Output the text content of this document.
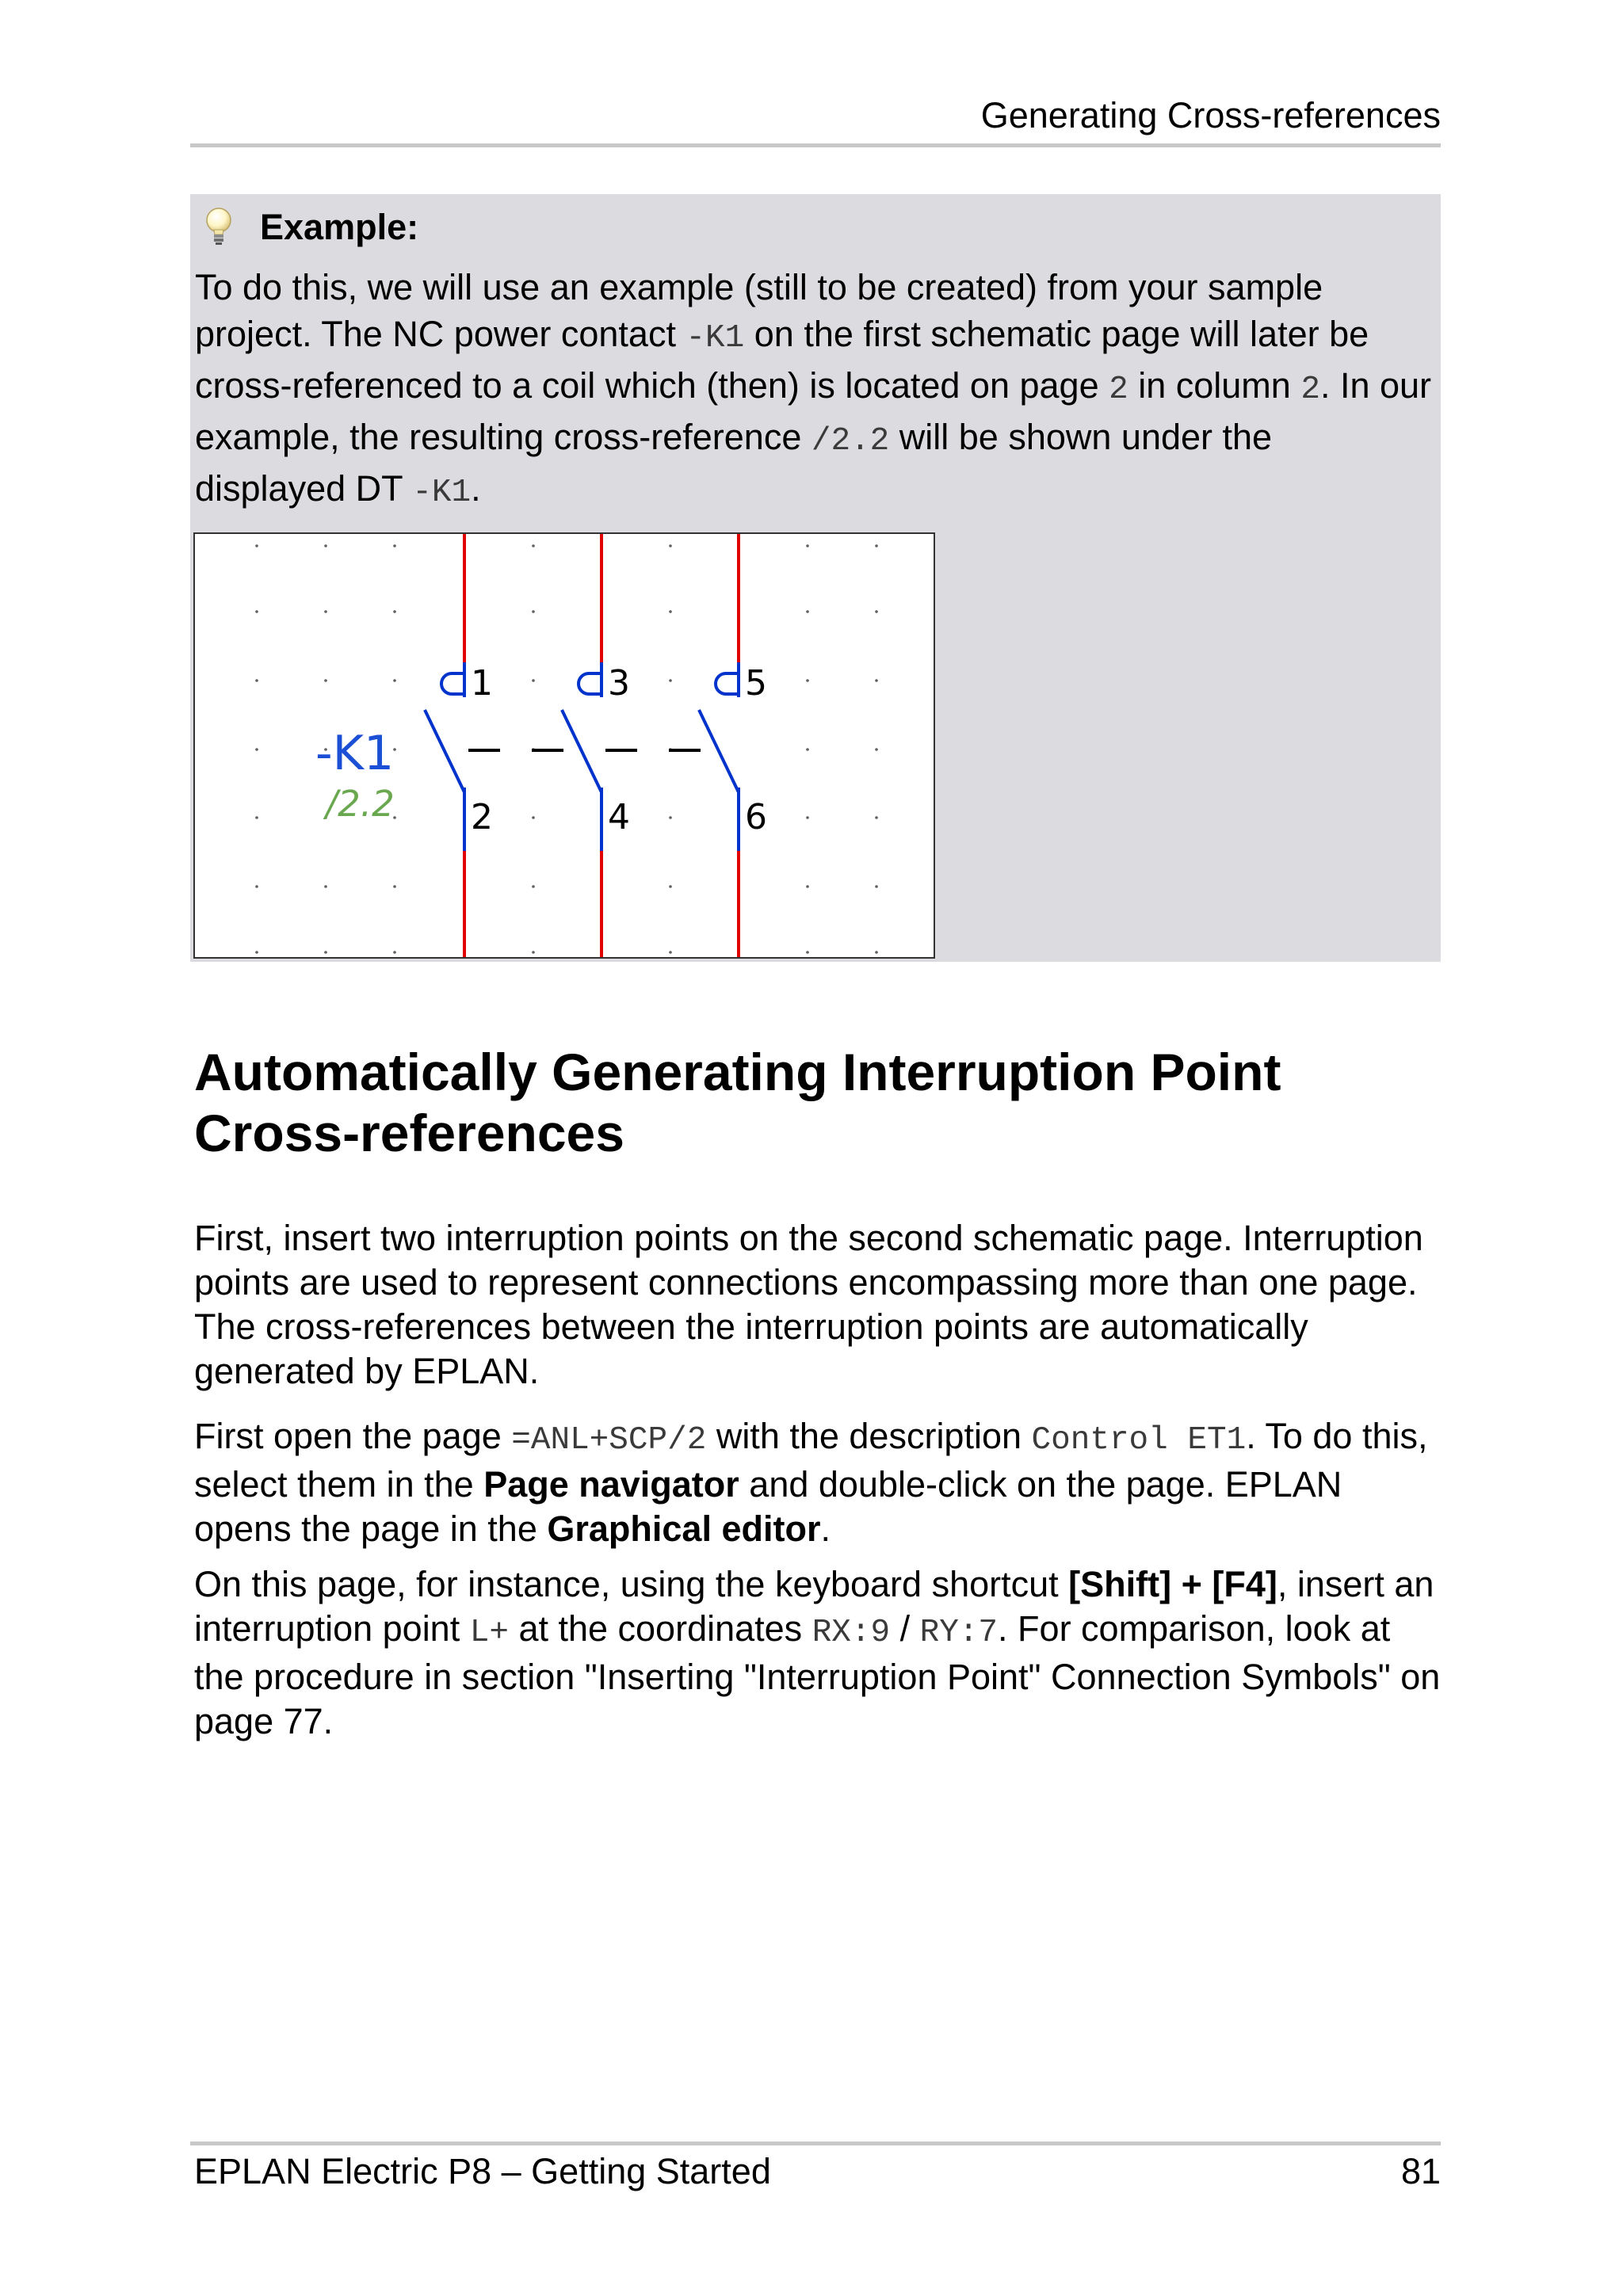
Generating Cross-references
Example:

To do this, we will use an example (still to be created) from your sample project. The NC power contact -K1 on the first schematic page will later be cross-referenced to a coil which (then) is located on page 2 in column 2. In our example, the resulting cross-reference /2.2 will be shown under the displayed DT -K1.

-K1
/2.2
1
2
3
4
5
6
Automatically Generating Interruption Point Cross-references

First, insert two interruption points on the second schematic page. Interruption points are used to represent connections encompassing more than one page. The cross-references between the interruption points are automatically generated by EPLAN.

First open the page =ANL+SCP/2 with the description Control ET1. To do this, select them in the Page navigator and double-click on the page. EPLAN opens the page in the Graphical editor.

On this page, for instance, using the keyboard shortcut [Shift] + [F4], insert an interruption point L+ at the coordinates RX:9 / RY:7. For comparison, look at the procedure in section "Inserting "Interruption Point" Connection Symbols" on page 77.

EPLAN Electric P8 – Getting Started	81
